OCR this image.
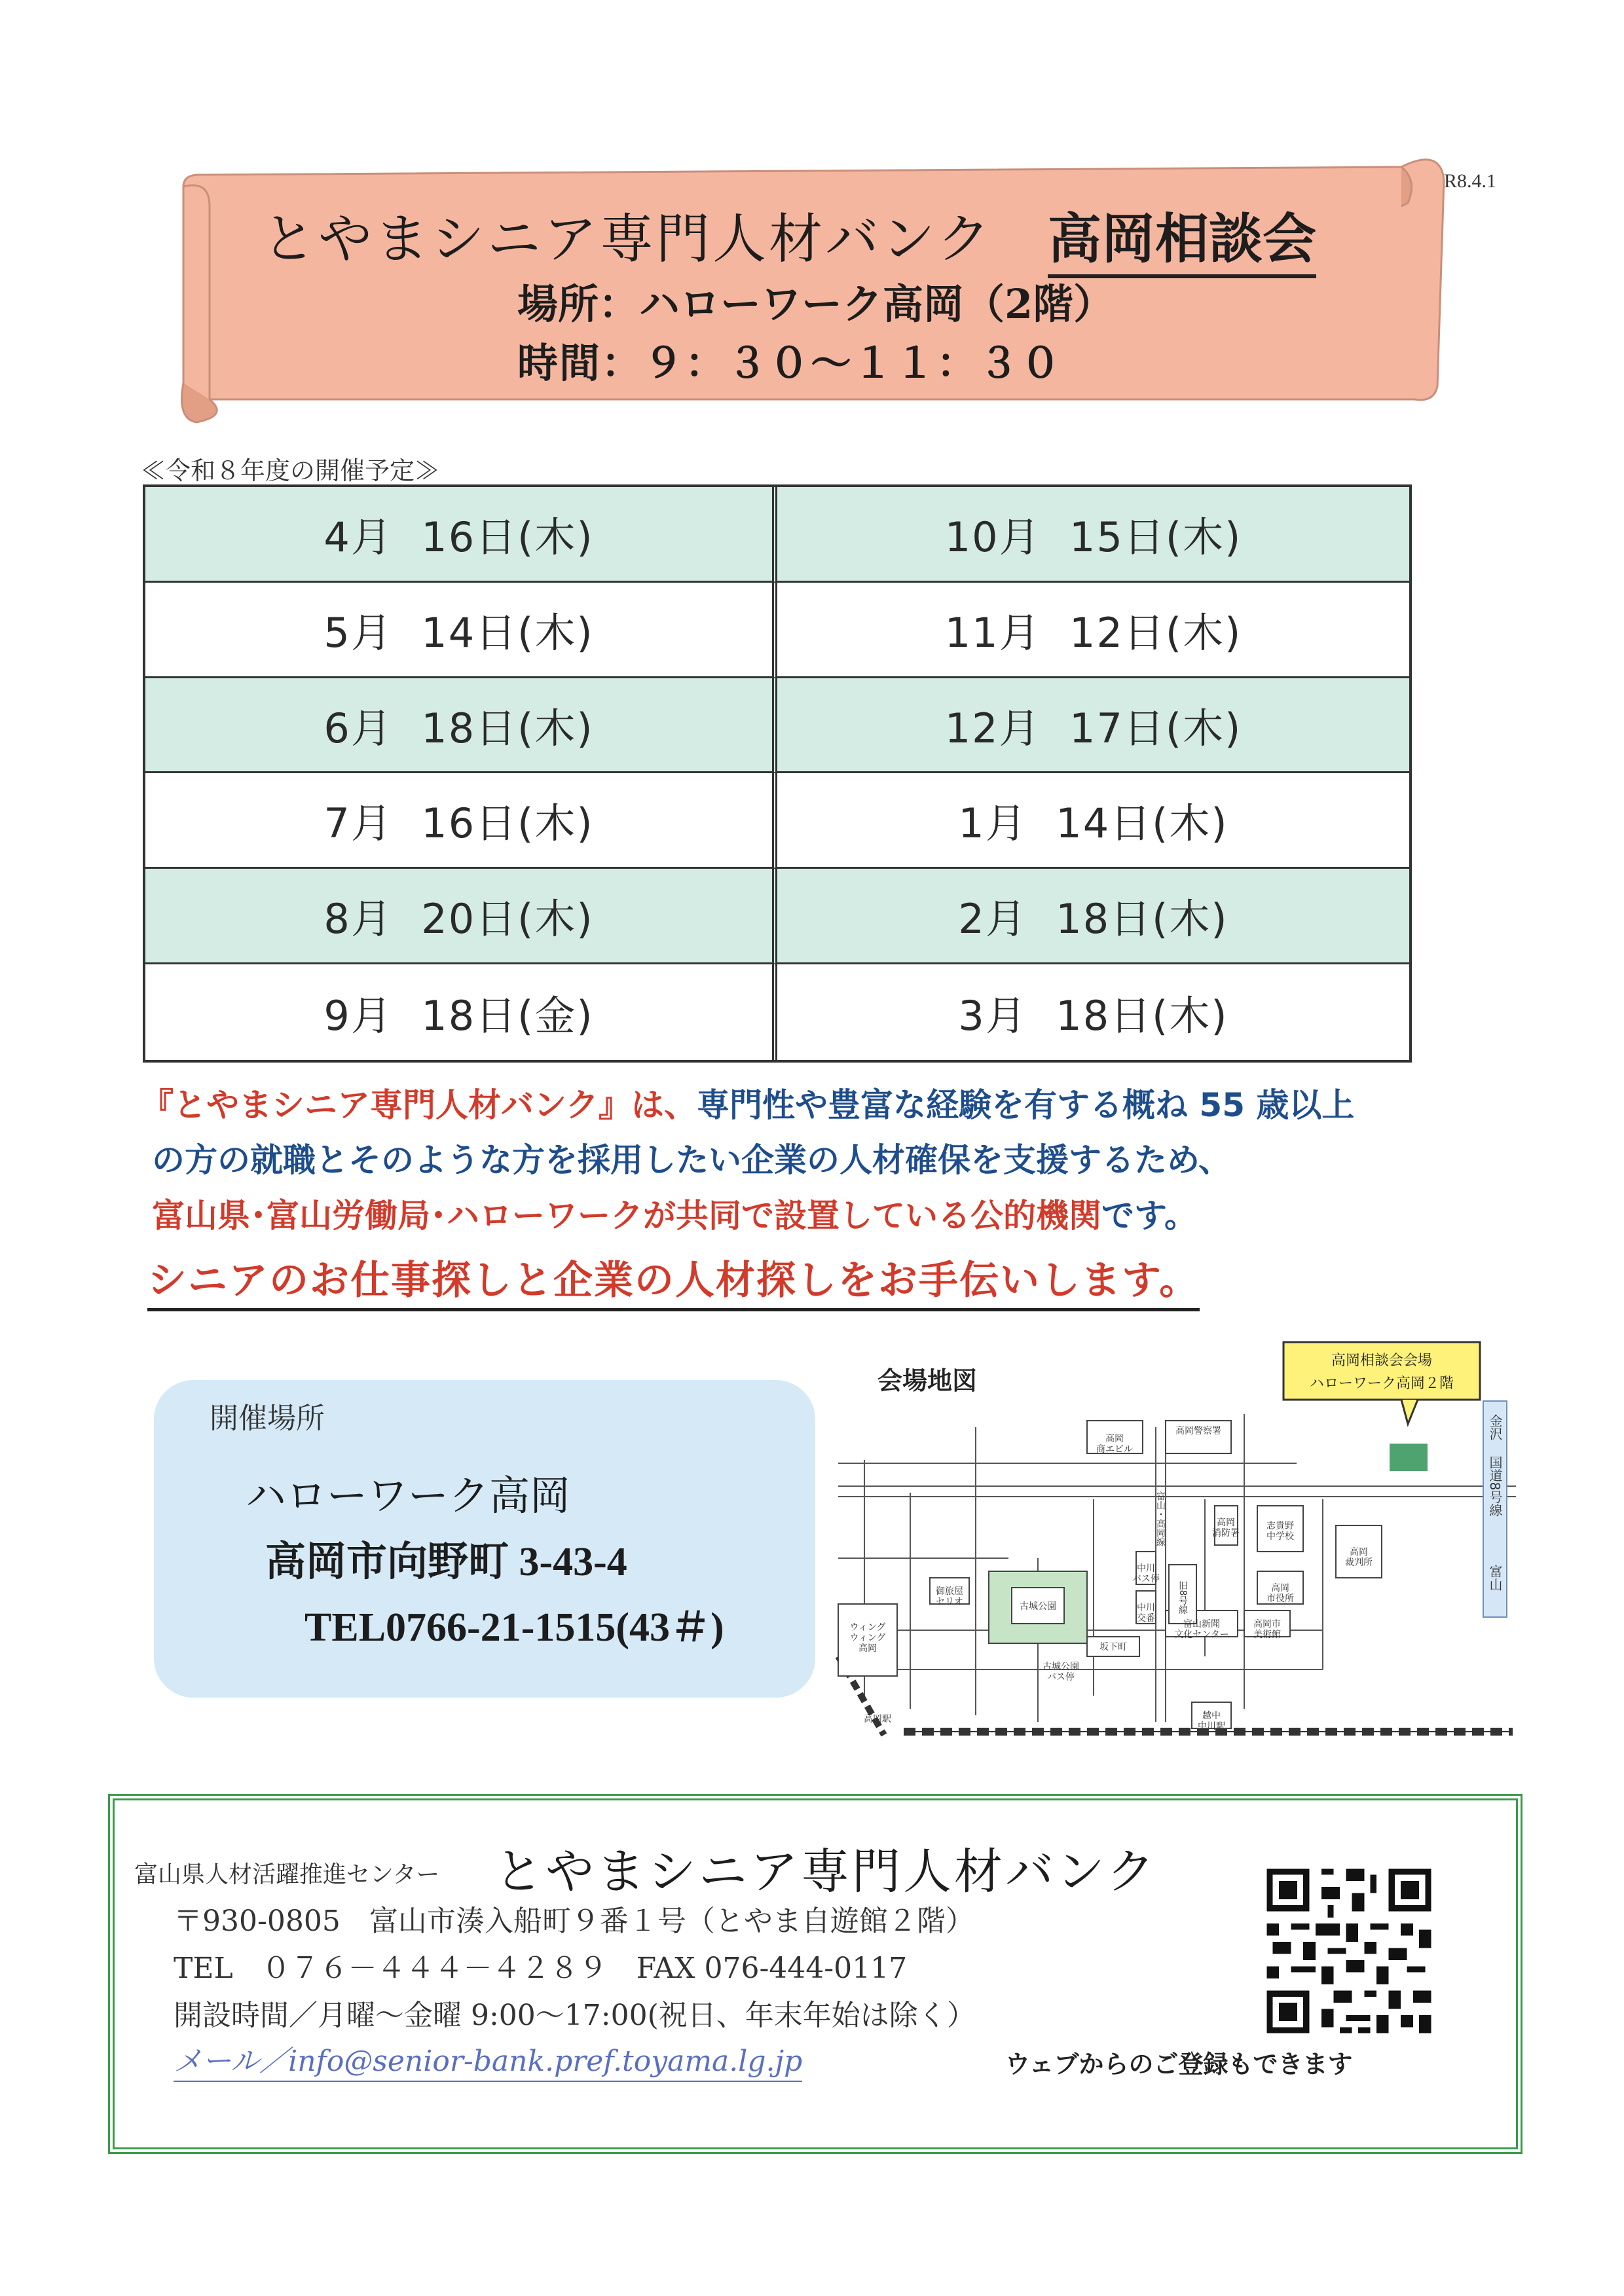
R8.4.1
とやまシニア専門人材バンク 高岡相談会
場所：ハローワーク高岡（2階）
時間：９：３０～１１：３０
≪令和８年度の開催予定≫
4月  16日(木)	10月  15日(木)
5月  14日(木)	11月  12日(木)
6月  18日(木)	12月  17日(木)
7月  16日(木)	1月  14日(木)
8月  20日(木)	2月  18日(木)
9月  18日(金)	3月  18日(木)
『とやまシニア専門人材バンク』は、専門性や豊富な経験を有する概ね 55 歳以上
の方の就職とそのような方を採用したい企業の人材確保を支援するため、
富山県･富山労働局･ハローワークが共同で設置している公的機関です。
シニアのお仕事探しと企業の人材探しをお手伝いします。
開催場所
ハローワーク高岡
高岡市向野町 3-43-4
TEL0766-21-1515(43＃)
会場地図
高岡相談会会場
ハローワーク高岡２階
金沢
国道8号線
富山
古城公園
高岡商エビル
高岡警察署
御旅屋セリオ
ウィングウィング高岡
高岡消防署
志貴野中学校
高岡市役所
高岡裁判所
富山新聞文化センター
高岡市美術館
中川バス停
中川交番
坂下町
古城公園バス停
越中中川駅
高岡駅
旧8号線
富山・高岡線
富山県人材活躍推進センター とやまシニア専門人材バンク
〒930-0805　富山市湊入船町９番１号（とやま自遊館２階）
TEL　０７６－４４４－４２８９　FAX 076-444-0117
開設時間／月曜～金曜 9:00～17:00(祝日、年末年始は除く）
メール／info@senior-bank.pref.toyama.lg.jp	ウェブからのご登録もできます
